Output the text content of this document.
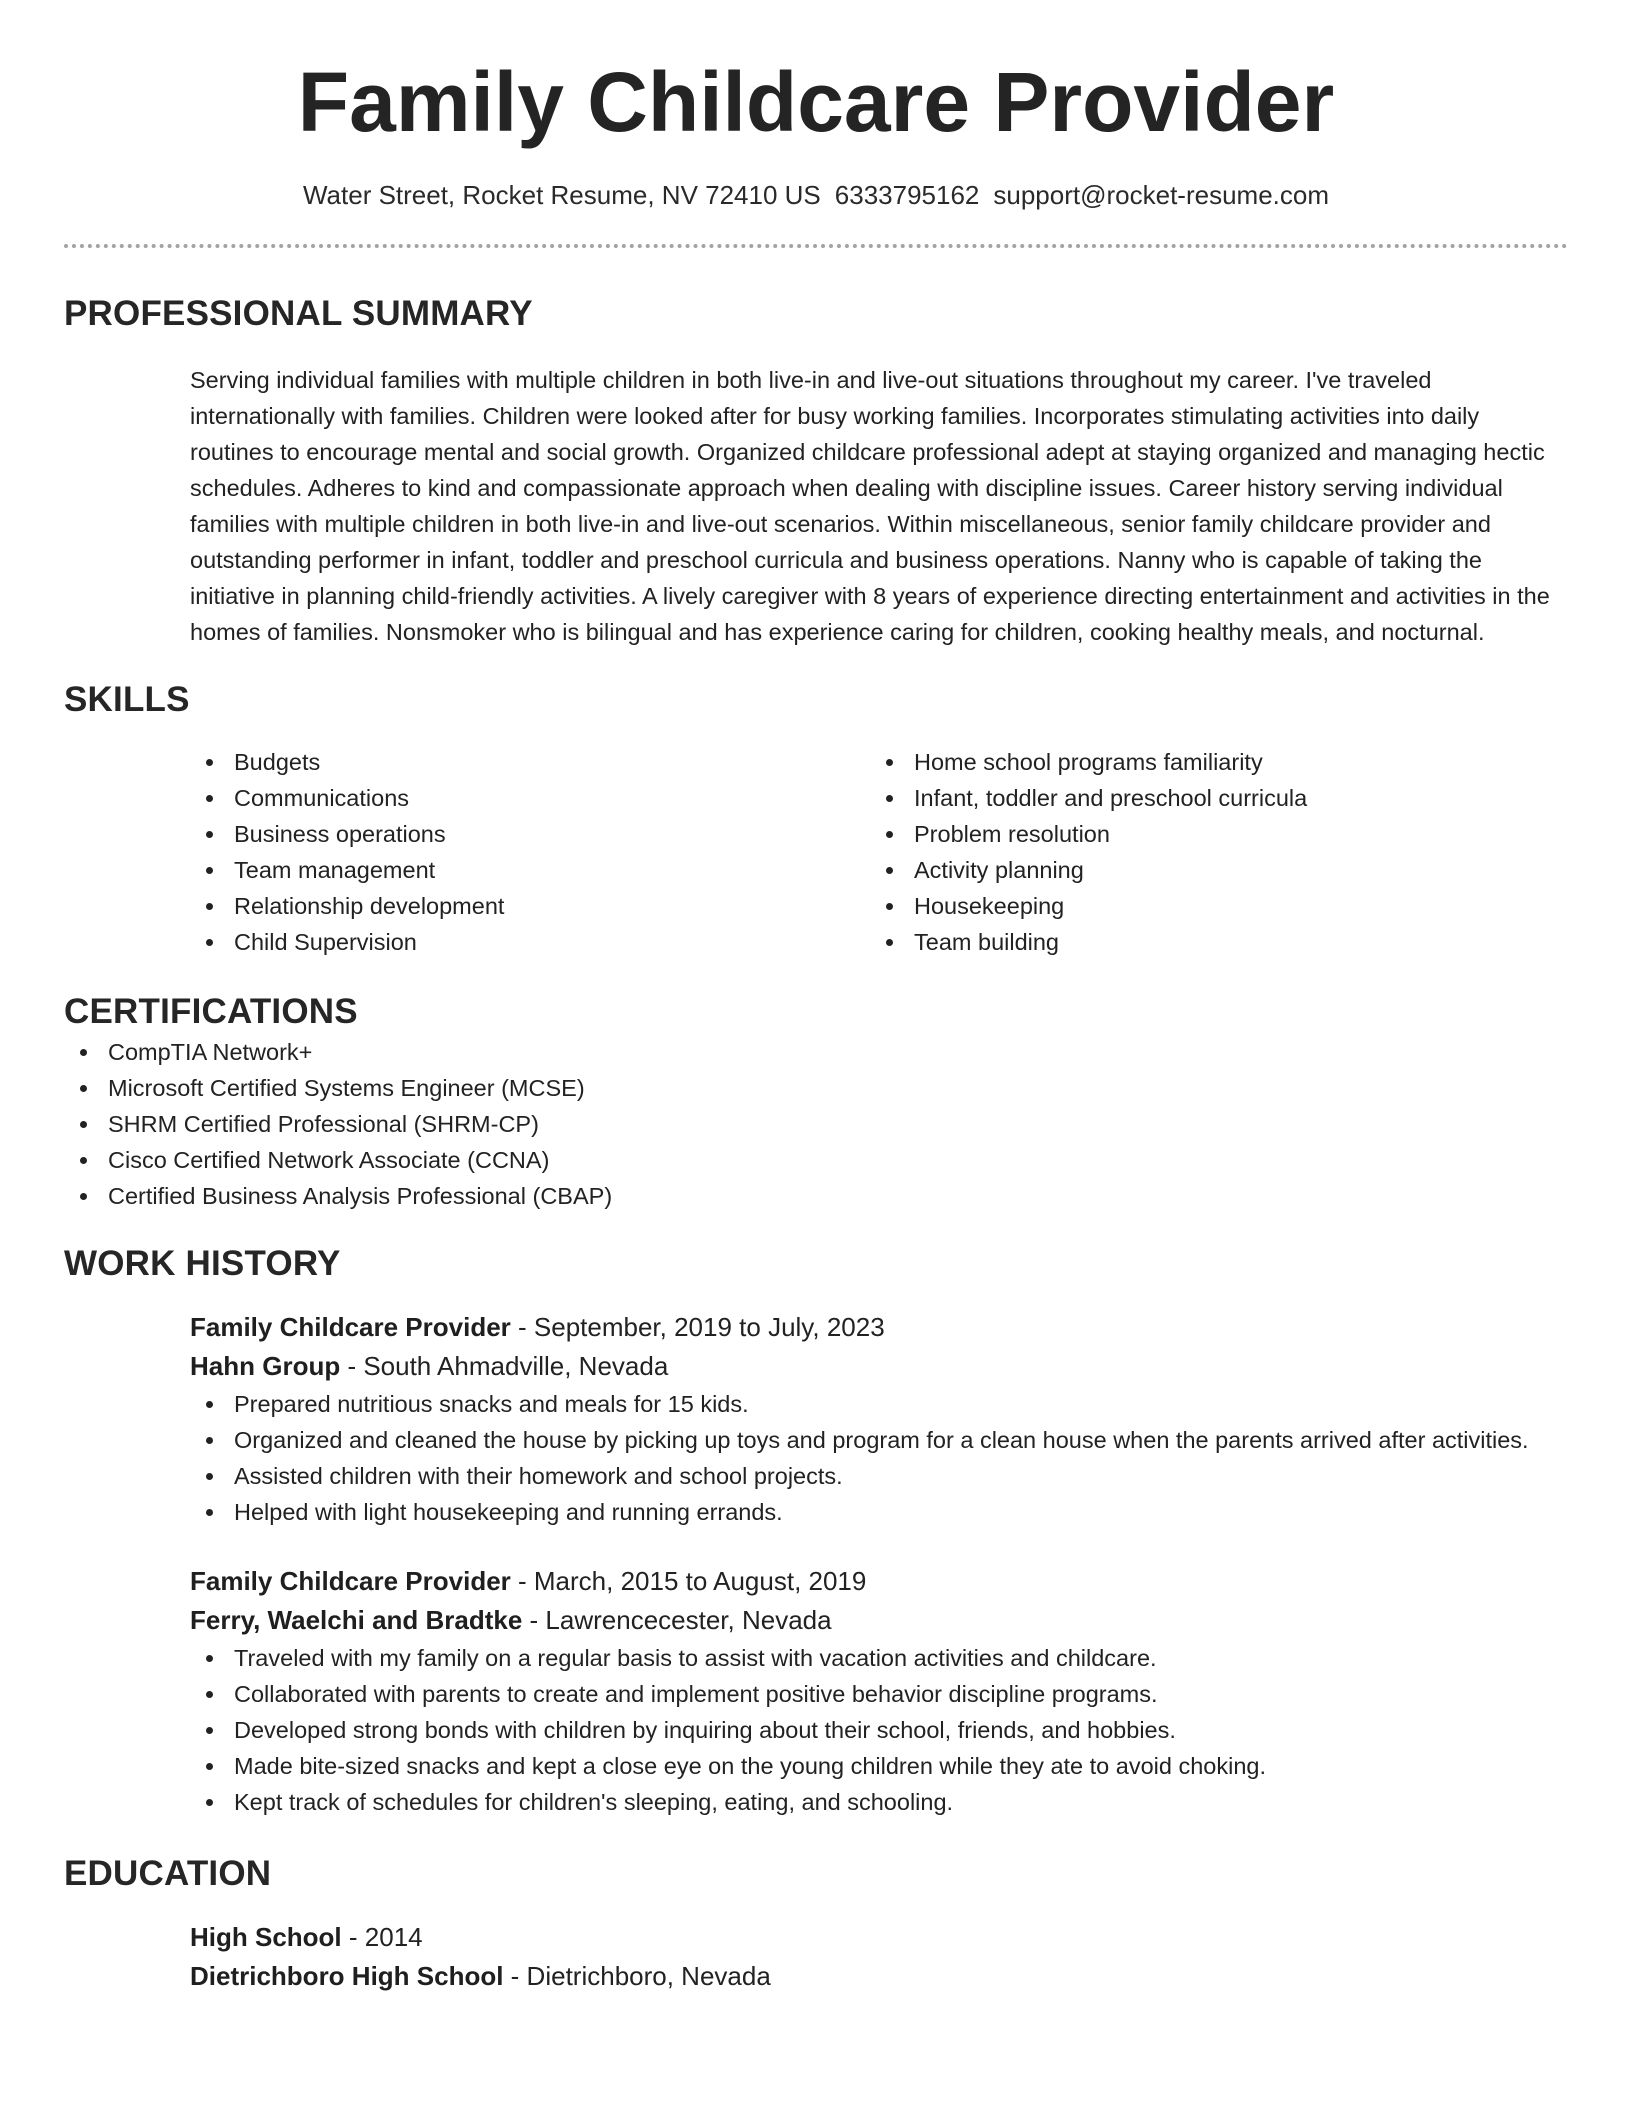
Family Childcare Provider
Water Street, Rocket Resume, NV 72410 US 6333795162 support@rocket-resume.com
PROFESSIONAL SUMMARY

Serving individual families with multiple children in both live-in and live-out situations throughout my career. I've traveled internationally with families. Children were looked after for busy working families. Incorporates stimulating activities into daily routines to encourage mental and social growth. Organized childcare professional adept at staying organized and managing hectic schedules. Adheres to kind and compassionate approach when dealing with discipline issues. Career history serving individual families with multiple children in both live-in and live-out scenarios. Within miscellaneous, senior family childcare provider and outstanding performer in infant, toddler and preschool curricula and business operations. Nanny who is capable of taking the initiative in planning child-friendly activities. A lively caregiver with 8 years of experience directing entertainment and activities in the homes of families. Nonsmoker who is bilingual and has experience caring for children, cooking healthy meals, and nocturnal.

SKILLS
Budgets
Communications
Business operations
Team management
Relationship development
Child Supervision
Home school programs familiarity
Infant, toddler and preschool curricula
Problem resolution
Activity planning
Housekeeping
Team building
CERTIFICATIONS
CompTIA Network+
Microsoft Certified Systems Engineer (MCSE)
SHRM Certified Professional (SHRM-CP)
Cisco Certified Network Associate (CCNA)
Certified Business Analysis Professional (CBAP)
WORK HISTORY
Family Childcare Provider - September, 2019 to July, 2023
Hahn Group - South Ahmadville, Nevada
Prepared nutritious snacks and meals for 15 kids.
Organized and cleaned the house by picking up toys and program for a clean house when the parents arrived after activities.
Assisted children with their homework and school projects.
Helped with light housekeeping and running errands.
Family Childcare Provider - March, 2015 to August, 2019
Ferry, Waelchi and Bradtke - Lawrencecester, Nevada
Traveled with my family on a regular basis to assist with vacation activities and childcare.
Collaborated with parents to create and implement positive behavior discipline programs.
Developed strong bonds with children by inquiring about their school, friends, and hobbies.
Made bite-sized snacks and kept a close eye on the young children while they ate to avoid choking.
Kept track of schedules for children's sleeping, eating, and schooling.
EDUCATION
High School - 2014
Dietrichboro High School - Dietrichboro, Nevada
